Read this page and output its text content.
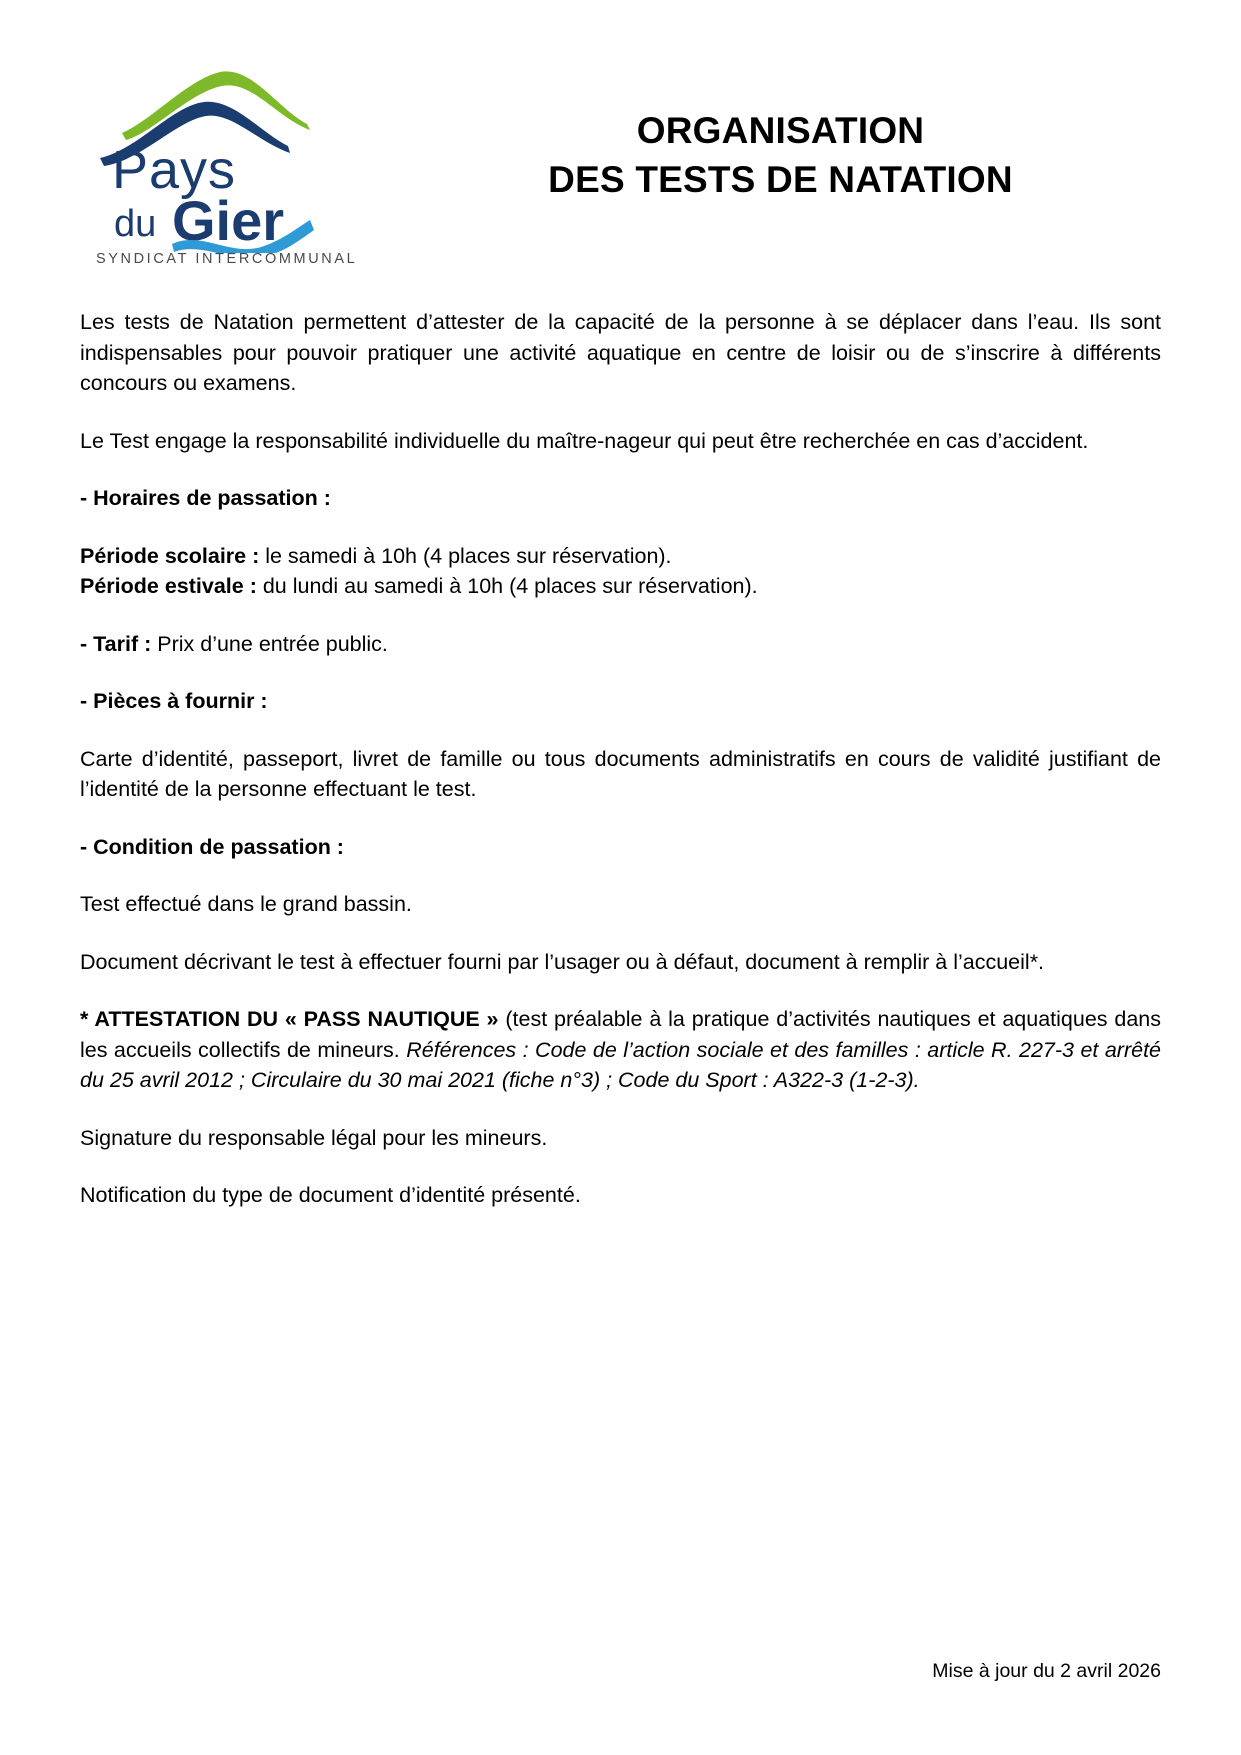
Pays
du Gier
SYNDICAT INTERCOMMUNAL
ORGANISATION
DES TESTS DE NATATION

Les tests de Natation permettent d’attester de la capacité de la personne à se déplacer dans l’eau. Ils sont indispensables pour pouvoir pratiquer une activité aquatique en centre de loisir ou de s’inscrire à différents concours ou examens.

Le Test engage la responsabilité individuelle du maître-nageur qui peut être recherchée en cas d’accident.

- Horaires de passation :

Période scolaire : le samedi à 10h (4 places sur réservation).

Période estivale : du lundi au samedi à 10h (4 places sur réservation).

- Tarif : Prix d’une entrée public.

- Pièces à fournir :

Carte d’identité, passeport, livret de famille ou tous documents administratifs en cours de validité justifiant de l’identité de la personne effectuant le test.

- Condition de passation :

Test effectué dans le grand bassin.

Document décrivant le test à effectuer fourni par l’usager ou à défaut, document à remplir à l’accueil*.

* ATTESTATION DU « PASS NAUTIQUE » (test préalable à la pratique d’activités nautiques et aquatiques dans les accueils collectifs de mineurs. Références : Code de l’action sociale et des familles : article R. 227-3 et arrêté du 25 avril 2012 ; Circulaire du 30 mai 2021 (fiche n°3) ; Code du Sport : A322-3 (1-2-3).

Signature du responsable légal pour les mineurs.

Notification du type de document d’identité présenté.

Mise à jour du 2 avril 2026
